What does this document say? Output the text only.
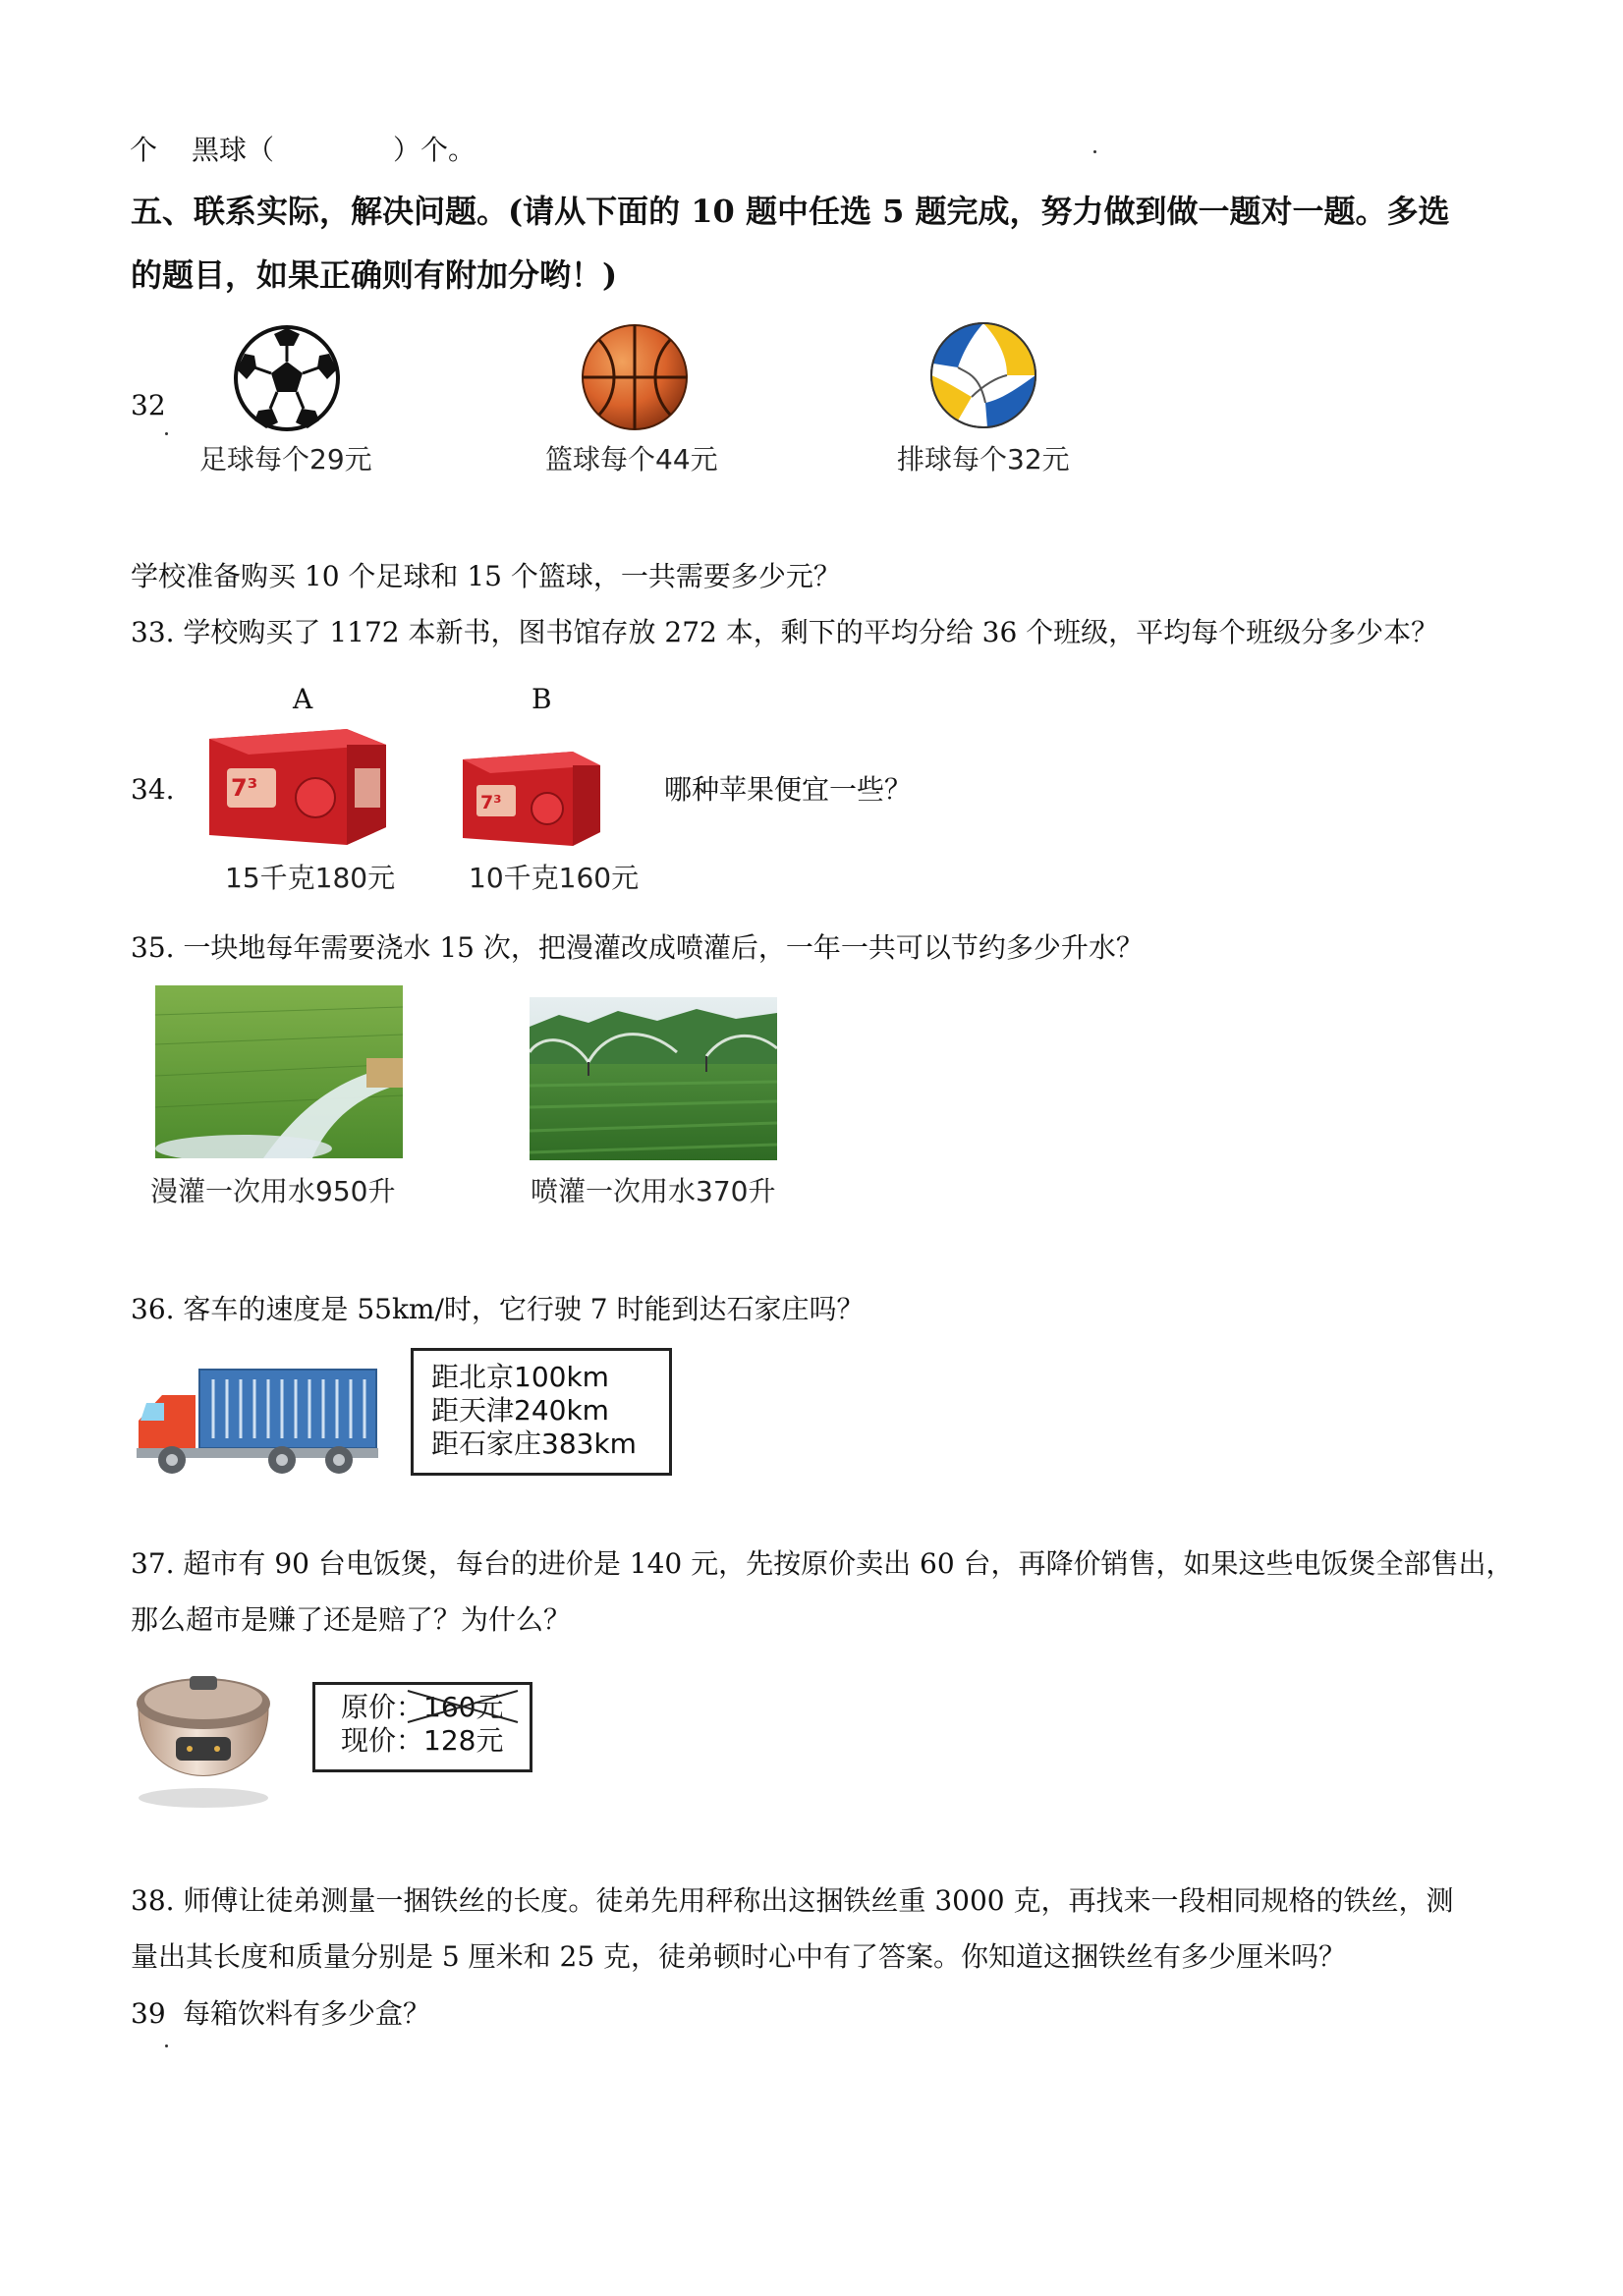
个 黑球（	）个。
五、联系实际，解决问题。(请从下面的 10 题中任选 5 题完成，努力做到做一题对一题。多选
的题目，如果正确则有附加分哟！)
32
足球每个29元	篮球每个44元	排球每个32元
学校准备购买 10 个足球和 15 个篮球，一共需要多少元？
33. 学校购买了 1172 本新书，图书馆存放 272 本，剩下的平均分给 36 个班级，平均每个班级分多少本？
A	B
34. 7³
7³
15千克180元	10千克160元
哪种苹果便宜一些？
35. 一块地每年需要浇水 15 次，把漫灌改成喷灌后，一年一共可以节约多少升水？
漫灌一次用水950升	喷灌一次用水370升
36. 客车的速度是 55km/时，它行驶 7 时能到达石家庄吗？
距北京100km
距天津240km
距石家庄383km
37. 超市有 90 台电饭煲，每台的进价是 140 元，先按原价卖出 60 台，再降价销售，如果这些电饭煲全部售出，
那么超市是赚了还是赔了？为什么？
原价：160元
现价：128元
38. 师傅让徒弟测量一捆铁丝的长度。徒弟先用秤称出这捆铁丝重 3000 克，再找来一段相同规格的铁丝，测
量出其长度和质量分别是 5 厘米和 25 克，徒弟顿时心中有了答案。你知道这捆铁丝有多少厘米吗？
39 每箱饮料有多少盒？
